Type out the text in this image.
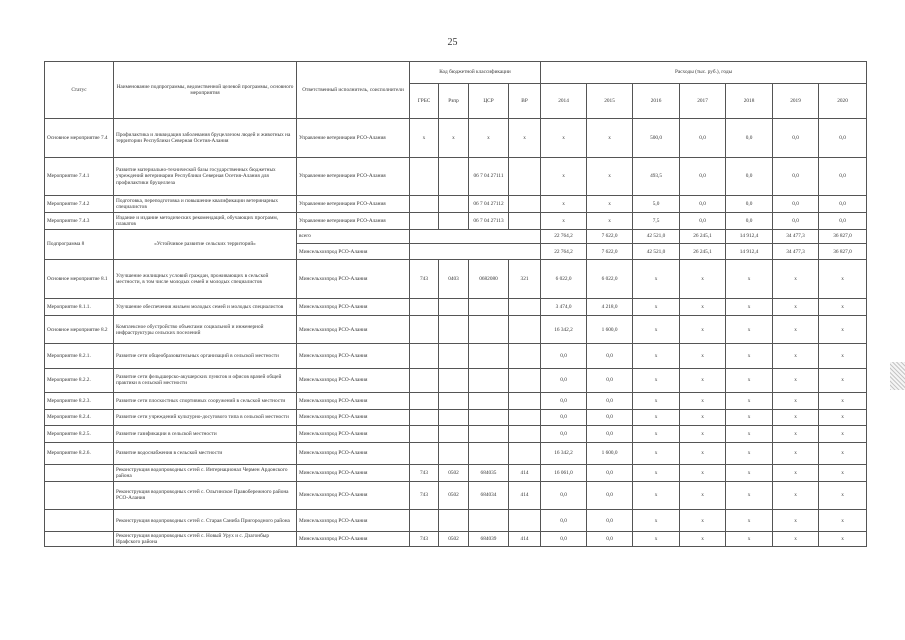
25
Статус	Наименование подпрограммы, ведомственной целевой программы, основного мероприятия	Ответственный исполнитель, соисполнители	Код бюджетной классификации				Расходы (тыс. руб.), годы						
			ГРБС	Рзпр	ЦСР	ВР	2014	2015	2016	2017	2018	2019	2020
Основное мероприятие 7.4	Профилактика и ликвидация заболевания бруцеллезом людей и животных на территории Республики Северная Осетия-Алания	Управление ветеринарии РСО-Алания	х	х	х	х	х	х	500,0	0,0	0,0	0,0	0,0
Мероприятие 7.4.1	Развитие материально-технической базы государственных бюджетных учреждений ветеринарии Республики Северная Осетия-Алания для профилактики бруцеллеза	Управление ветеринарии РСО-Алания			06 7 04 27111		х	х	493,5	0,0	0,0	0,0	0,0
Мероприятие 7.4.2	Подготовка, переподготовка и повышение квалификации ветеринарных специалистов	Управление ветеринарии РСО-Алания			06 7 04 27112		х	х	5,0	0,0	0,0	0,0	0,0
Мероприятие 7.4.3	Издание и издание методических рекомендаций, обучающих программ, плакатов	Управление ветеринарии РСО-Алания			06 7 04 27113		х	х	7,5	0,0	0,0	0,0	0,0
Подпрограмма 8	«Устойчивое развитие сельских территорий»	всего					22 764,2	7 622,0	42 521,0	26 245,1	14 912,4	34 477,3	36 827,0
		Минсельхозпрод РСО-Алания					22 764,2	7 622,0	42 521,0	26 245,1	14 912,4	34 477,3	36 827,0
Основное мероприятие 8.1	Улучшение жилищных условий граждан, проживающих в сельской местности, в том числе молодых семей и молодых специалистов	Минсельхозпрод РСО-Алания	743	0403	0682080	321	6 022,0	6 022,0	х	х	х	х	х
Мероприятие 8.1.1.	Улучшение обеспечения жильем молодых семей и молодых специалистов	Минсельхозпрод РСО-Алания					3 474,0	4 218,0	х	х	х	х	х
Основное мероприятие 8.2	Комплексное обустройство объектами социальной и инженерной инфраструктуры сельских поселений	Минсельхозпрод РСО-Алания					16 342,2	1 600,0	х	х	х	х	х
Мероприятие 8.2.1.	Развитие сети общеобразовательных организаций в сельской местности	Минсельхозпрод РСО-Алания					0,0	0,0	х	х	х	х	х
Мероприятие 8.2.2.	Развитие сети фельдшерско-акушерских пунктов и офисов врачей общей практики в сельской местности	Минсельхозпрод РСО-Алания					0,0	0,0	х	х	х	х	х
Мероприятие 8.2.3.	Развитие сети плоскостных спортивных сооружений в сельской местности	Минсельхозпрод РСО-Алания					0,0	0,0	х	х	х	х	х
Мероприятие 8.2.4.	Развитие сети учреждений культурно-досугового типа в сельской местности	Минсельхозпрод РСО-Алания					0,0	0,0	х	х	х	х	х
Мероприятие 8.2.5.	Развитие газификации в сельской местности	Минсельхозпрод РСО-Алания					0,0	0,0	х	х	х	х	х
Мероприятие 8.2.6.	Развитие водоснабжения в сельской местности	Минсельхозпрод РСО-Алания					16 342,2	1 600,0	х	х	х	х	х
	Реконструкция водопроводных сетей с. Интернационал Чермен Ардонского района	Минсельхозпрод РСО-Алания	743	0502	684035	414	16 061,0	0,0	х	х	х	х	х
	Реконструкция водопроводных сетей с. Ольгинское Правобережного района РСО-Алания	Минсельхозпрод РСО-Алания	743	0502	684034	414	0,0	0,0	х	х	х	х	х
	Реконструкция водопроводных сетей с. Старая Саниба Пригородного района	Минсельхозпрод РСО-Алания					0,0	0,0	х	х	х	х	х
	Реконструкция водопроводных сетей с. Новый Урух и с. Дзагонбыр Ирафского района	Минсельхозпрод РСО-Алания	743	0502	684039	414	0,0	0,0	х	х	х	х	х
